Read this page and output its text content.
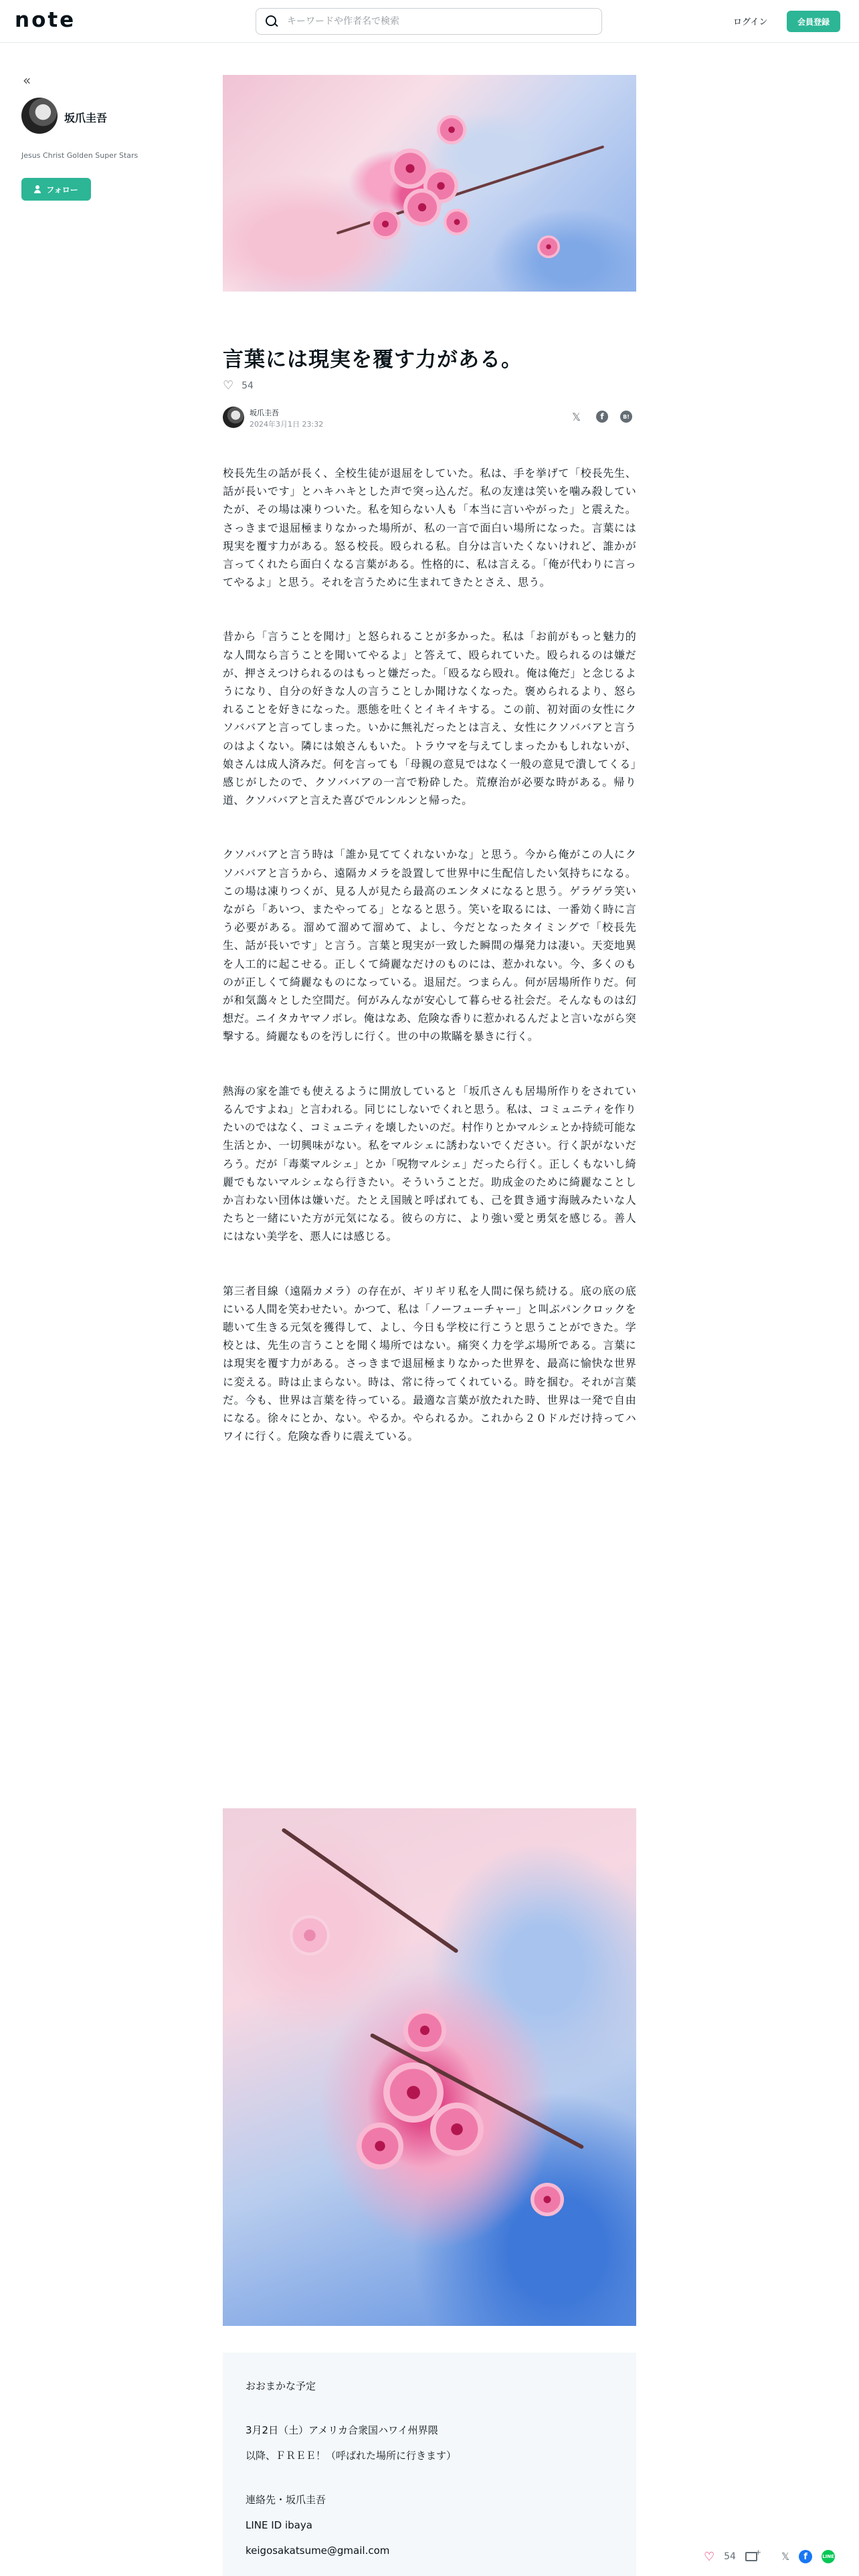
note
キーワードや作者名で検索	ログイン	会員登録
«
坂爪圭吾
Jesus Christ Golden Super Stars
フォロー
言葉には現実を覆す力がある。
♡ 54
坂爪圭吾
2024年3月1日 23:32
𝕏	f	B!

校長先生の話が長く、全校生徒が退屈をしていた。私は、手を挙げて「校長先生、話が長いです」とハキハキとした声で突っ込んだ。私の友達は笑いを噛み殺していたが、その場は凍りついた。私を知らない人も「本当に言いやがった」と震えた。さっきまで退屈極まりなかった場所が、私の一言で面白い場所になった。言葉には現実を覆す力がある。怒る校長。殴られる私。自分は言いたくないけれど、誰かが言ってくれたら面白くなる言葉がある。性格的に、私は言える。「俺が代わりに言ってやるよ」と思う。それを言うために生まれてきたとさえ、思う。

昔から「言うことを聞け」と怒られることが多かった。私は「お前がもっと魅力的な人間なら言うことを聞いてやるよ」と答えて、殴られていた。殴られるのは嫌だが、押さえつけられるのはもっと嫌だった。「殴るなら殴れ。俺は俺だ」と念じるようになり、自分の好きな人の言うことしか聞けなくなった。褒められるより、怒られることを好きになった。悪態を吐くとイキイキする。この前、初対面の女性にクソババアと言ってしまった。いかに無礼だったとは言え、女性にクソババアと言うのはよくない。隣には娘さんもいた。トラウマを与えてしまったかもしれないが、娘さんは成人済みだ。何を言っても「母親の意見ではなく一般の意見で潰してくる」感じがしたので、クソババアの一言で粉砕した。荒療治が必要な時がある。帰り道、クソババアと言えた喜びでルンルンと帰った。

クソババアと言う時は「誰か見ててくれないかな」と思う。今から俺がこの人にクソババアと言うから、遠隔カメラを設置して世界中に生配信したい気持ちになる。この場は凍りつくが、見る人が見たら最高のエンタメになると思う。ゲラゲラ笑いながら「あいつ、またやってる」となると思う。笑いを取るには、一番効く時に言う必要がある。溜めて溜めて溜めて、よし、今だとなったタイミングで「校長先生、話が長いです」と言う。言葉と現実が一致した瞬間の爆発力は凄い。天変地異を人工的に起こせる。正しくて綺麗なだけのものには、惹かれない。今、多くのものが正しくて綺麗なものになっている。退屈だ。つまらん。何が居場所作りだ。何が和気藹々とした空間だ。何がみんなが安心して暮らせる社会だ。そんなものは幻想だ。ニイタカヤマノボレ。俺はなあ、危険な香りに惹かれるんだよと言いながら突撃する。綺麗なものを汚しに行く。世の中の欺瞞を暴きに行く。

熱海の家を誰でも使えるように開放していると「坂爪さんも居場所作りをされているんですよね」と言われる。同じにしないでくれと思う。私は、コミュニティを作りたいのではなく、コミュニティを壊したいのだ。村作りとかマルシェとか持続可能な生活とか、一切興味がない。私をマルシェに誘わないでください。行く訳がないだろう。だが「毒薬マルシェ」とか「呪物マルシェ」だったら行く。正しくもないし綺麗でもないマルシェなら行きたい。そういうことだ。助成金のために綺麗なことしか言わない団体は嫌いだ。たとえ国賊と呼ばれても、己を貫き通す海賊みたいな人たちと一緒にいた方が元気になる。彼らの方に、より強い愛と勇気を感じる。善人にはない美学を、悪人には感じる。

第三者目線（遠隔カメラ）の存在が、ギリギリ私を人間に保ち続ける。底の底の底にいる人間を笑わせたい。かつて、私は「ノーフューチャー」と叫ぶパンクロックを聴いて生きる元気を獲得して、よし、今日も学校に行こうと思うことができた。学校とは、先生の言うことを聞く場所ではない。痛突く力を学ぶ場所である。言葉には現実を覆す力がある。さっきまで退屈極まりなかった世界を、最高に愉快な世界に変える。時は止まらない。時は、常に待ってくれている。時を掴む。それが言葉だ。今も、世界は言葉を待っている。最適な言葉が放たれた時、世界は一発で自由になる。徐々にとか、ない。やるか。やられるか。これから２０ドルだけ持ってハワイに行く。危険な香りに震えている。

おおまかな予定

3月2日（土）アメリカ合衆国ハワイ州界隈

以降、ＦＲＥＥ！（呼ばれた場所に行きます）

連絡先・坂爪圭吾

LINE ID ibaya

keigosakatsume@gmail.com	♡ 54
+	𝕏	f	LINE
